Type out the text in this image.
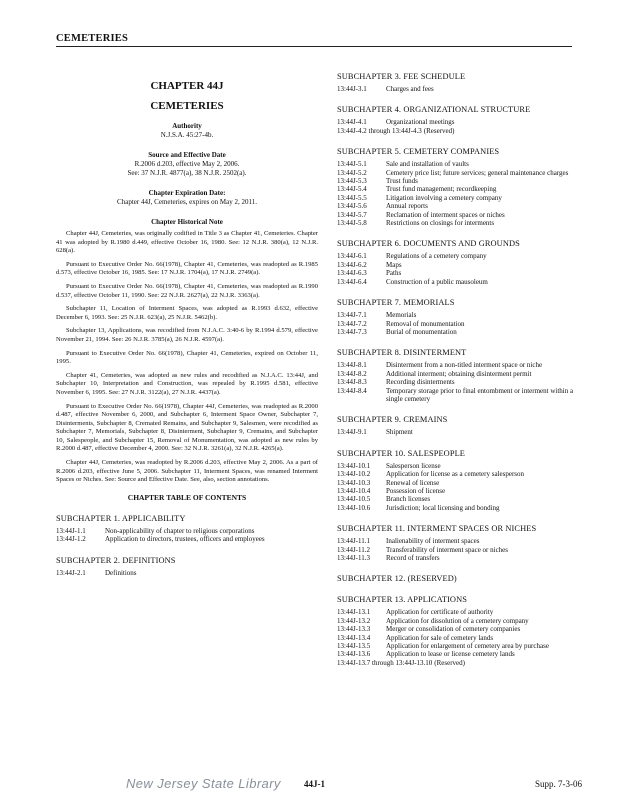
CEMETERIES
CHAPTER 44J
CEMETERIES
Authority
N.J.S.A. 45:27-4b.
Source and Effective Date
R.2006 d.203, effective May 2, 2006.
See: 37 N.J.R. 4877(a), 38 N.J.R. 2502(a).
Chapter Expiration Date:
Chapter 44J, Cemeteries, expires on May 2, 2011.
Chapter Historical Note

Chapter 44J, Cemeteries, was originally codified in Title 3 as Chapter 41, Cemeteries. Chapter 41 was adopted by R.1980 d.449, effective October 16, 1980. See: 12 N.J.R. 380(a), 12 N.J.R. 628(a).

Pursuant to Executive Order No. 66(1978), Chapter 41, Cemeteries, was readopted as R.1985 d.573, effective October 16, 1985. See: 17 N.J.R. 1704(a), 17 N.J.R. 2749(a).

Pursuant to Executive Order No. 66(1978), Chapter 41, Cemeteries, was readopted as R.1990 d.537, effective October 11, 1990. See: 22 N.J.R. 2627(a), 22 N.J.R. 3363(a).

Subchapter 11, Location of Interment Spaces, was adopted as R.1993 d.632, effective December 6, 1993. See: 25 N.J.R. 623(a), 25 N.J.R. 5462(b).

Subchapter 13, Applications, was recodified from N.J.A.C. 3:40-6 by R.1994 d.579, effective November 21, 1994. See: 26 N.J.R. 3785(a), 26 N.J.R. 4597(a).

Pursuant to Executive Order No. 66(1978), Chapter 41, Cemeteries, expired on October 11, 1995.

Chapter 41, Cemeteries, was adopted as new rules and recodified as N.J.A.C. 13:44J, and Subchapter 10, Interpretation and Construction, was repealed by R.1995 d.581, effective November 6, 1995. See: 27 N.J.R. 3122(a), 27 N.J.R. 4437(a).

Pursuant to Executive Order No. 66(1978), Chapter 44J, Cemeteries, was readopted as R.2000 d.487, effective November 6, 2000, and Subchapter 6, Interment Space Owner, Subchapter 7, Disinterments, Subchapter 8, Cremated Remains, and Subchapter 9, Salesmen, were recodified as Subchapter 7, Memorials, Subchapter 8, Disinterment, Subchapter 9, Cremains, and Subchapter 10, Salespeople, and Subchapter 15, Removal of Monumentation, was adopted as new rules by R.2000 d.487, effective December 4, 2000. See: 32 N.J.R. 3261(a), 32 N.J.R. 4265(a).

Chapter 44J, Cemeteries, was readopted by R.2006 d.203, effective May 2, 2006. As a part of R.2006 d.203, effective June 5, 2006. Subchapter 11, Interment Spaces, was renamed Interment Spaces or Niches. See: Source and Effective Date. See, also, section annotations.

CHAPTER TABLE OF CONTENTS
SUBCHAPTER 1. APPLICABILITY
13:44J-1.1	Non-applicability of chapter to religious corporations
13:44J-1.2	Application to directors, trustees, officers and employees
SUBCHAPTER 2. DEFINITIONS
13:44J-2.1	Definitions
SUBCHAPTER 3. FEE SCHEDULE
13:44J-3.1	Charges and fees
SUBCHAPTER 4. ORGANIZATIONAL STRUCTURE
13:44J-4.1	Organizational meetings
13:44J-4.2 through 13:44J-4.3 (Reserved)
SUBCHAPTER 5. CEMETERY COMPANIES
13:44J-5.1	Sale and installation of vaults
13:44J-5.2	Cemetery price list; future services; general maintenance charges
13:44J-5.3	Trust funds
13:44J-5.4	Trust fund management; recordkeeping
13:44J-5.5	Litigation involving a cemetery company
13:44J-5.6	Annual reports
13:44J-5.7	Reclamation of interment spaces or niches
13:44J-5.8	Restrictions on closings for interments
SUBCHAPTER 6. DOCUMENTS AND GROUNDS
13:44J-6.1	Regulations of a cemetery company
13:44J-6.2	Maps
13:44J-6.3	Paths
13:44J-6.4	Construction of a public mausoleum
SUBCHAPTER 7. MEMORIALS
13:44J-7.1	Memorials
13:44J-7.2	Removal of monumentation
13:44J-7.3	Burial of monumentation
SUBCHAPTER 8. DISINTERMENT
13:44J-8.1	Disinterment from a non-titled interment space or niche
13:44J-8.2	Additional interment; obtaining disinterment permit
13:44J-8.3	Recording disinterments
13:44J-8.4	Temporary storage prior to final entombment or interment within a single cemetery
SUBCHAPTER 9. CREMAINS
13:44J-9.1	Shipment
SUBCHAPTER 10. SALESPEOPLE
13:44J-10.1	Salesperson license
13:44J-10.2	Application for license as a cemetery salesperson
13:44J-10.3	Renewal of license
13:44J-10.4	Possession of license
13:44J-10.5	Branch licenses
13:44J-10.6	Jurisdiction; local licensing and bonding
SUBCHAPTER 11. INTERMENT SPACES OR NICHES
13:44J-11.1	Inalienability of interment spaces
13:44J-11.2	Transferability of interment space or niches
13:44J-11.3	Record of transfers
SUBCHAPTER 12. (RESERVED)
SUBCHAPTER 13. APPLICATIONS
13:44J-13.1	Application for certificate of authority
13:44J-13.2	Application for dissolution of a cemetery company
13:44J-13.3	Merger or consolidation of cemetery companies
13:44J-13.4	Application for sale of cemetery lands
13:44J-13.5	Application for enlargement of cemetery area by purchase
13:44J-13.6	Application to lease or license cemetery lands
13:44J-13.7 through 13:44J-13.10 (Reserved)
New Jersey State Library	44J-1	Supp. 7-3-06
